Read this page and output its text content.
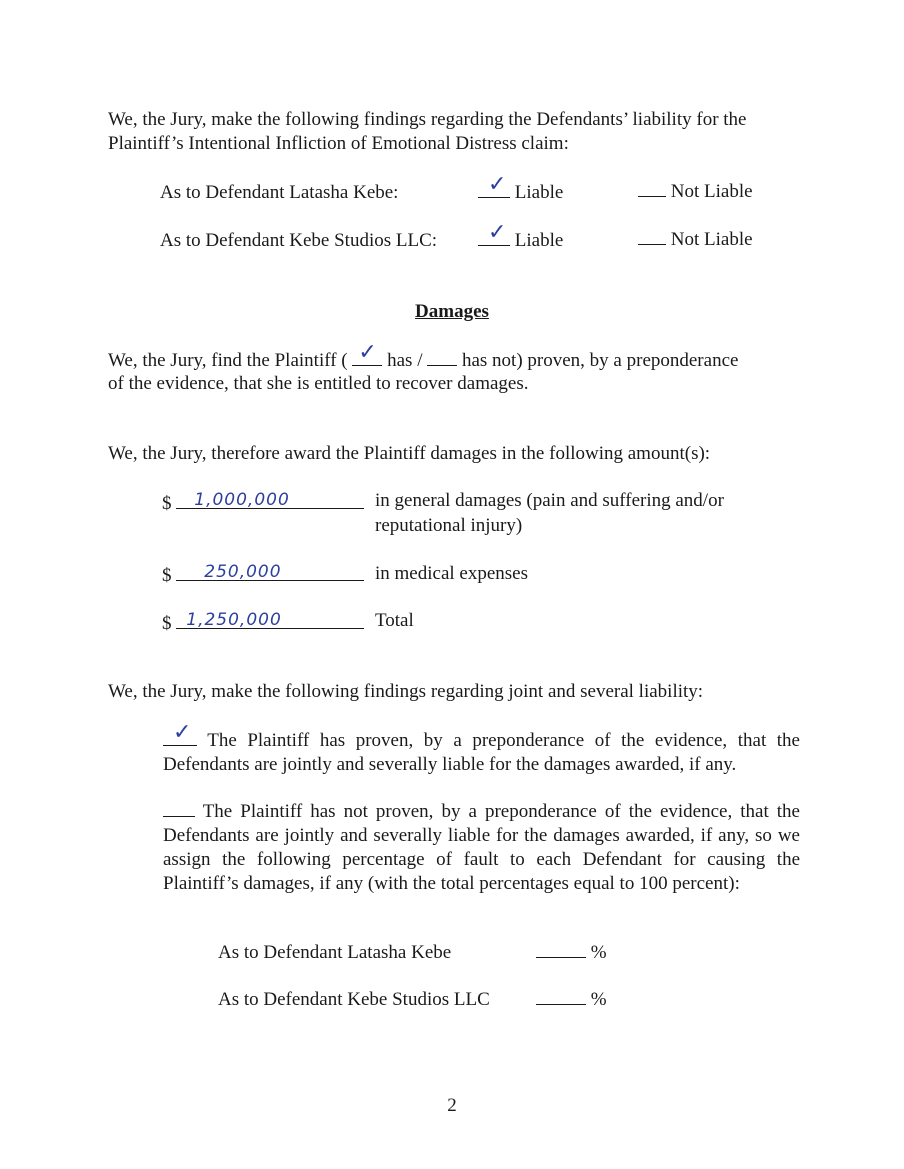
We, the Jury, make the following findings regarding the Defendants’ liability for the Plaintiff’s Intentional Infliction of Emotional Distress claim:
As to Defendant Latasha Kebe:	✓ Liable	Not Liable
As to Defendant Kebe Studios LLC: ✓ Liable	Not Liable
Damages
We, the Jury, find the Plaintiff ( ✓ has / has not) proven, by a preponderance
of the evidence, that she is entitled to recover damages.
We, the Jury, therefore award the Plaintiff damages in the following amount(s):
$ 1,000,000	in general damages (pain and suffering and/or
reputational injury)
$ 250,000	in medical expenses
$ 1,250,000	Total
We, the Jury, make the following findings regarding joint and several liability:
✓ The Plaintiff has proven, by a preponderance of the evidence, that the Defendants are jointly and severally liable for the damages awarded, if any.
The Plaintiff has not proven, by a preponderance of the evidence, that the Defendants are jointly and severally liable for the damages awarded, if any, so we assign the following percentage of fault to each Defendant for causing the Plaintiff’s damages, if any (with the total percentages equal to 100 percent):
As to Defendant Latasha Kebe	%
As to Defendant Kebe Studios LLC	%
2
